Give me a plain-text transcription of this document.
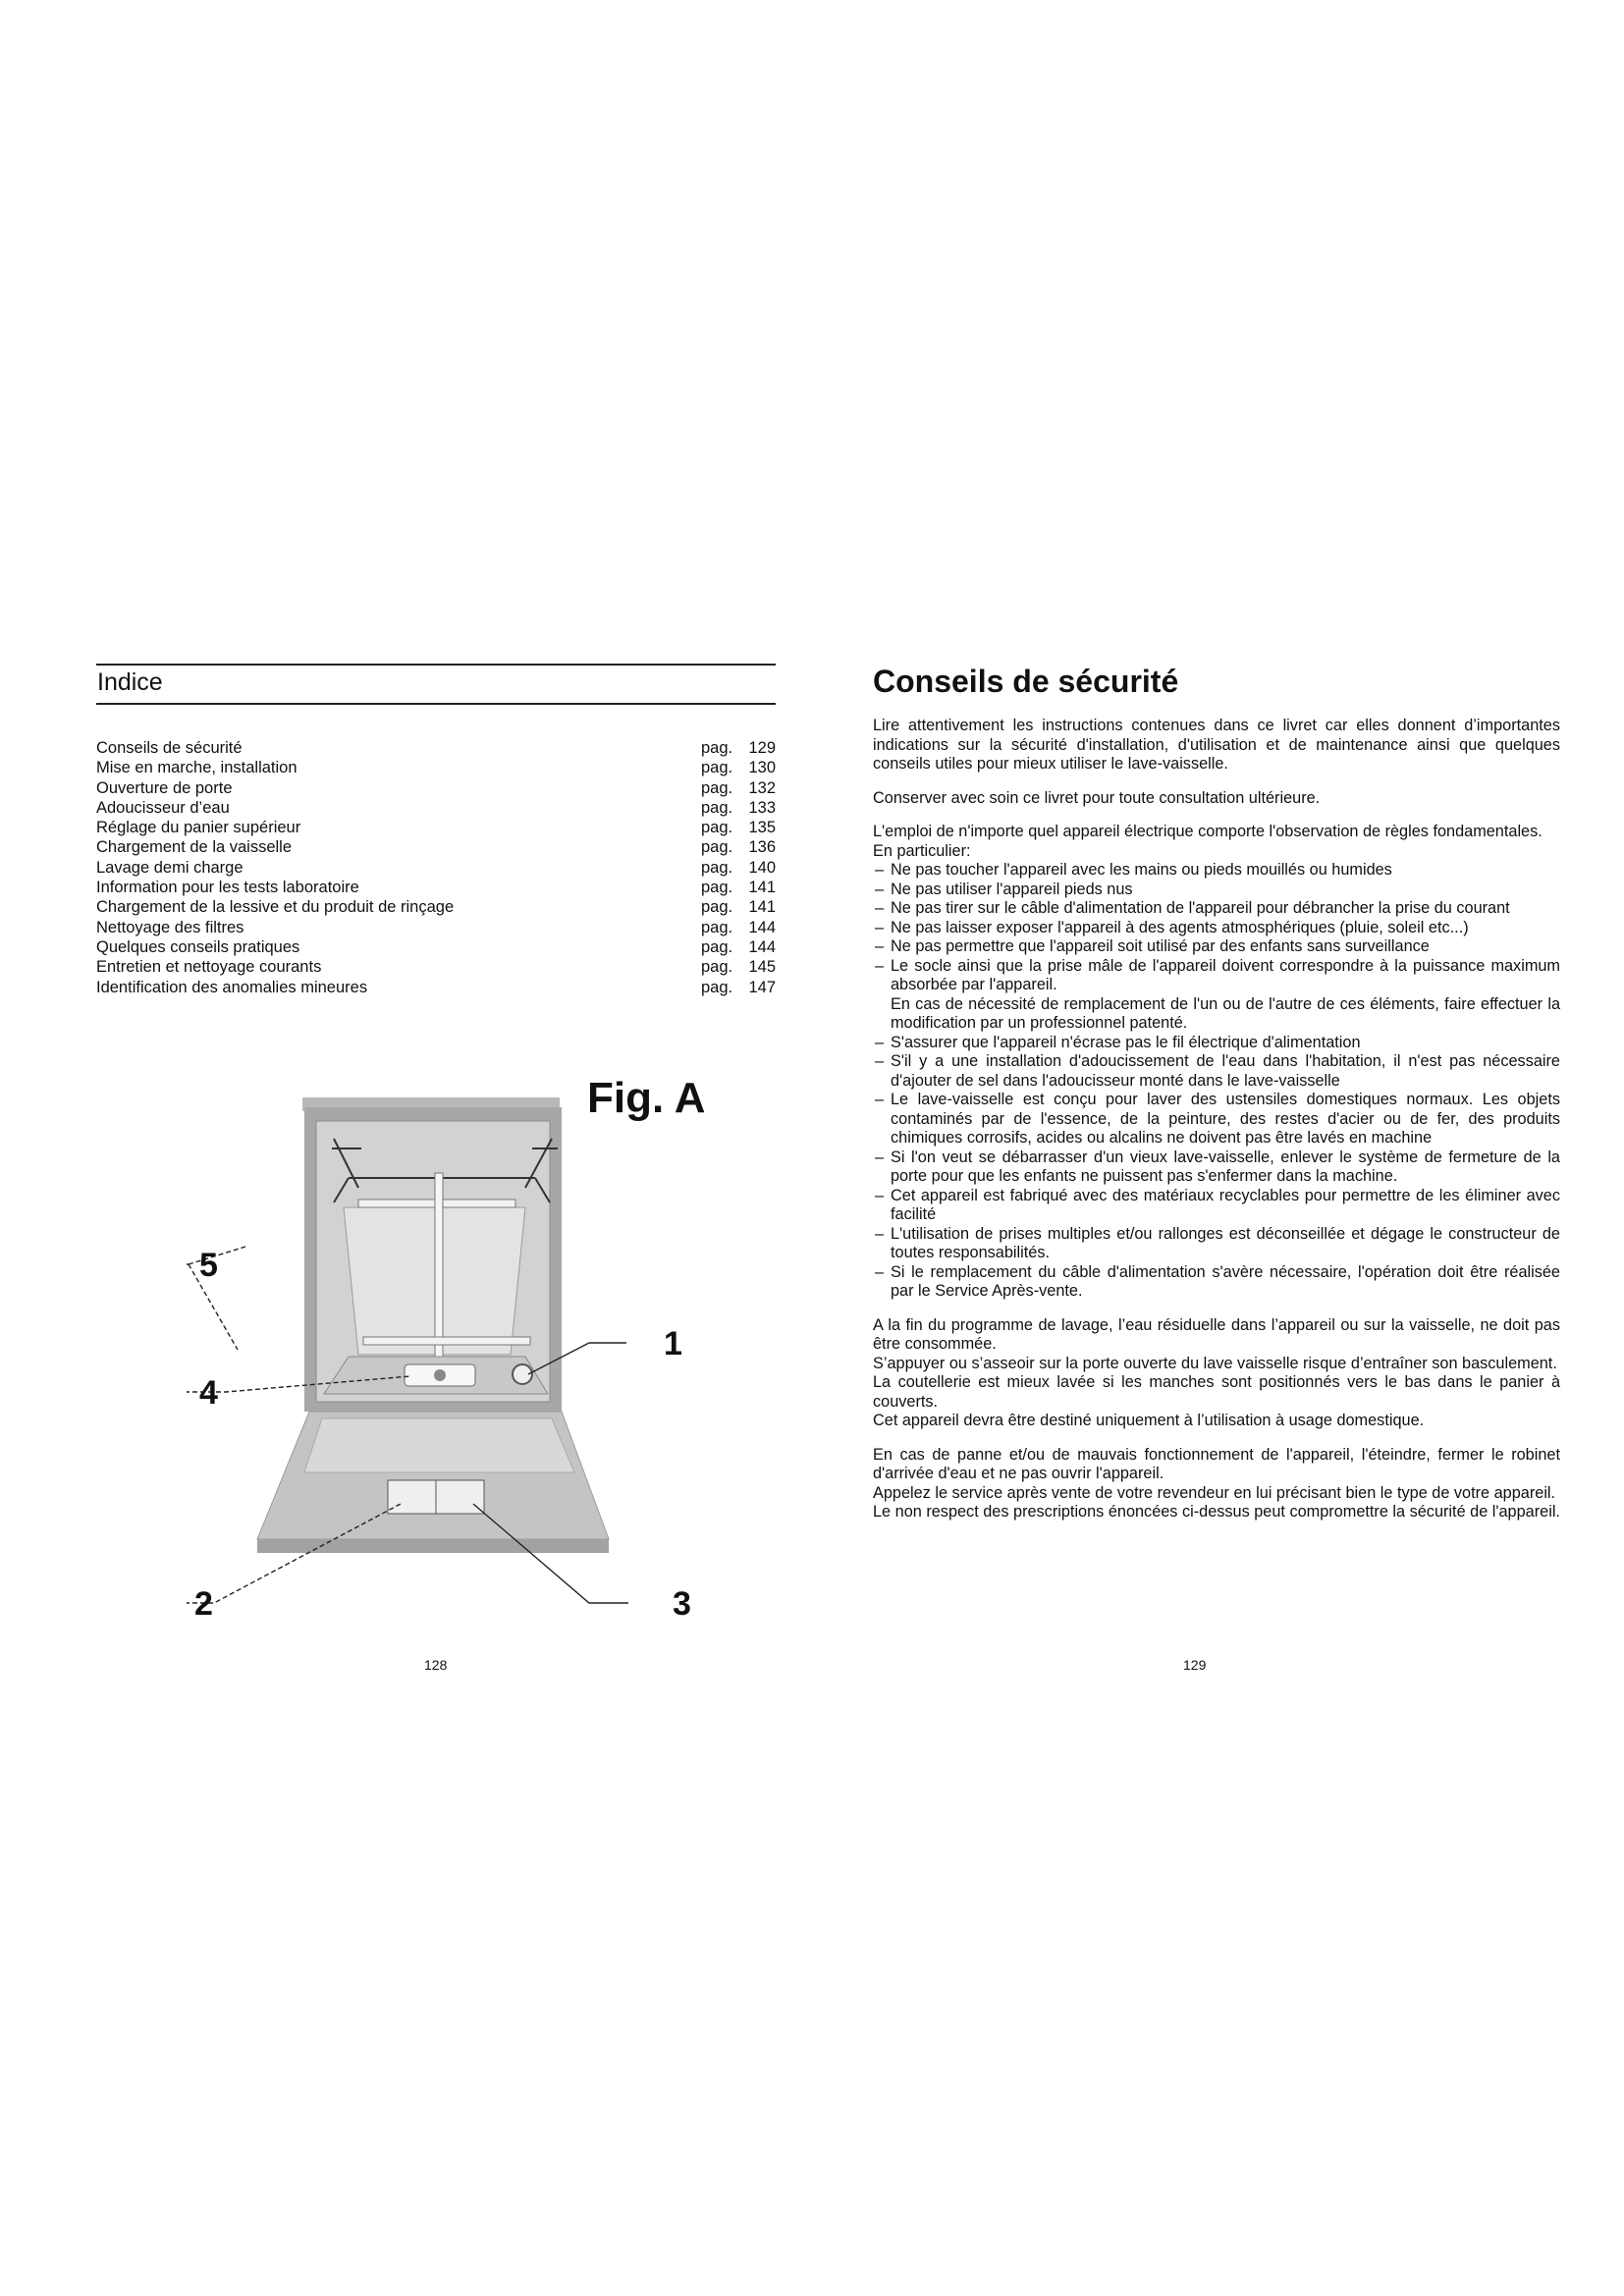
Indice
Conseils de sécurité	pag. 129
Mise en marche, installation	pag. 130
Ouverture de porte	pag. 132
Adoucisseur d’eau	pag. 133
Réglage du panier supérieur	pag. 135
Chargement de la vaisselle	pag. 136
Lavage demi charge	pag. 140
Information pour les tests laboratoire	pag. 141
Chargement de la lessive et du produit de rinçage	pag. 141
Nettoyage des filtres	pag. 144
Quelques conseils pratiques	pag. 144
Entretien et nettoyage courants	pag. 145
Identification des anomalies mineures	pag. 147
Fig. A
5
1
4
2	3
128
Conseils de sécurité

Lire attentivement les instructions contenues dans ce livret car elles donnent d’importantes indications sur la sécurité d'installation, d'utilisation et de maintenance ainsi que quelques conseils utiles pour mieux utiliser le lave-vaisselle.

Conserver avec soin ce livret pour toute consultation ultérieure.

L'emploi de n'importe quel appareil électrique comporte l'observation de règles fondamentales.

En particulier:

– Ne pas toucher l'appareil avec les mains ou pieds mouillés ou humides
– Ne pas utiliser l'appareil pieds nus
– Ne pas tirer sur le câble d'alimentation de l'appareil pour débrancher la prise du courant
– Ne pas laisser exposer l'appareil à des agents atmosphériques (pluie, soleil etc...)
– Ne pas permettre que l'appareil soit utilisé par des enfants sans surveillance
– Le socle ainsi que la prise mâle de l'appareil doivent correspondre à la puissance maximum absorbée par l'appareil.
En cas de nécessité de remplacement de l'un ou de l'autre de ces éléments, faire effectuer la modification par un professionnel patenté.
– S'assurer que l'appareil n'écrase pas le fil électrique d'alimentation
– S'il y a une installation d'adoucissement de l'eau dans l'habitation, il n'est pas nécessaire d'ajouter de sel dans l'adoucisseur monté dans le lave-vaisselle
– Le lave-vaisselle est conçu pour laver des ustensiles domestiques normaux. Les objets contaminés par de l'essence, de la peinture, des restes d'acier ou de fer, des produits chimiques corrosifs, acides ou alcalins ne doivent pas être lavés en machine
– Si l'on veut se débarrasser d'un vieux lave-vaisselle, enlever le système de fermeture de la porte pour que les enfants ne puissent pas s'enfermer dans la machine.
– Cet appareil est fabriqué avec des matériaux recyclables pour permettre de les éliminer avec facilité
– L'utilisation de prises multiples et/ou rallonges est déconseillée et dégage le constructeur de toutes responsabilités.
– Si le remplacement du câble d'alimentation s'avère nécessaire, l'opération doit être réalisée par le Service Après-vente.

A la fin du programme de lavage, l’eau résiduelle dans l’appareil ou sur la vaisselle, ne doit pas être consommée.

S’appuyer ou s’asseoir sur la porte ouverte du lave vaisselle risque d’entraîner son basculement.

La coutellerie est mieux lavée si les manches sont positionnés vers le bas dans le panier à couverts.

Cet appareil devra être destiné uniquement à l’utilisation à usage domestique.

En cas de panne et/ou de mauvais fonctionnement de l'appareil, l'éteindre, fermer le robinet d'arrivée d'eau et ne pas ouvrir l'appareil.

Appelez le service après vente de votre revendeur en lui précisant bien le type de votre appareil.

Le non respect des prescriptions énoncées ci-dessus peut compromettre la sécurité de l'appareil.

129
